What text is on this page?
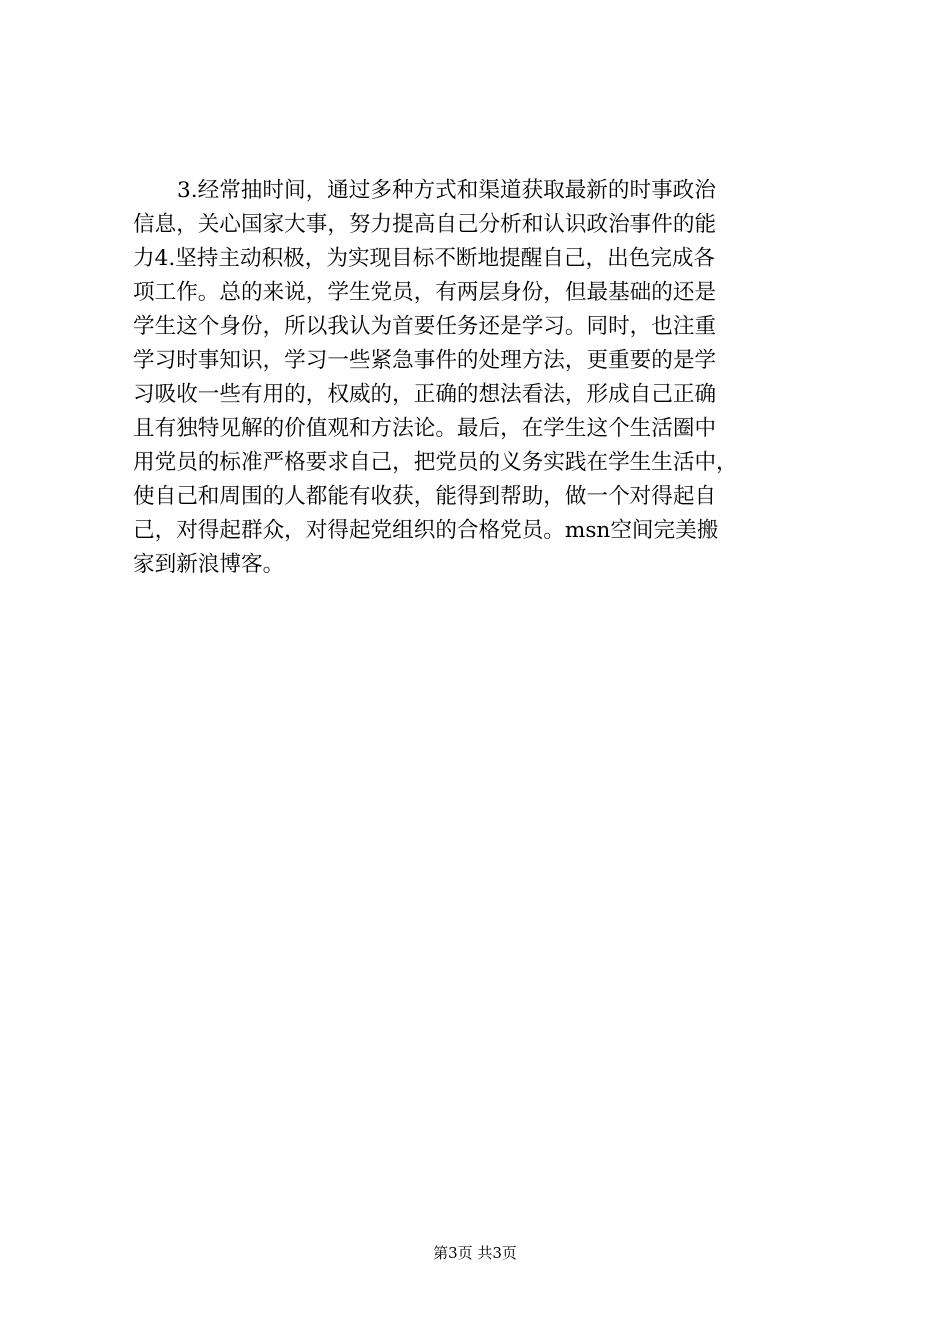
3.经常抽时间，通过多种方式和渠道获取最新的时事政治
信息，关心国家大事，努力提高自己分析和认识政治事件的能
力4.坚持主动积极，为实现目标不断地提醒自己，出色完成各
项工作。总的来说，学生党员，有两层身份，但最基础的还是
学生这个身份，所以我认为首要任务还是学习。同时，也注重
学习时事知识，学习一些紧急事件的处理方法，更重要的是学
习吸收一些有用的，权威的，正确的想法看法，形成自己正确
且有独特见解的价值观和方法论。最后，在学生这个生活圈中
用党员的标准严格要求自己，把党员的义务实践在学生生活中，
使自己和周围的人都能有收获，能得到帮助，做一个对得起自
己，对得起群众，对得起党组织的合格党员。msn空间完美搬
家到新浪博客。
第3页 共3页
